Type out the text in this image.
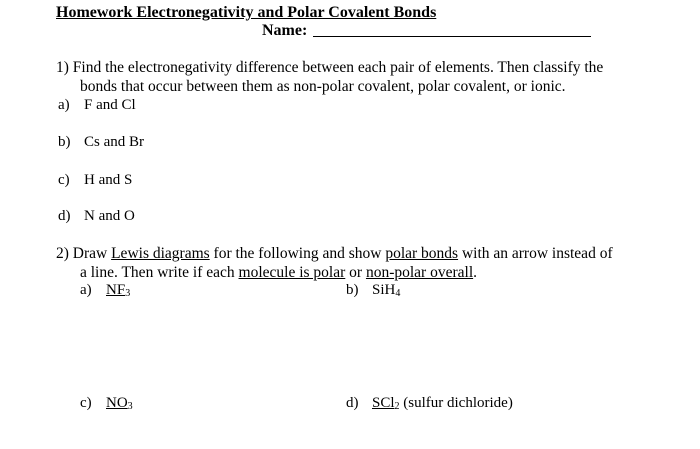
Homework Electronegativity and Polar Covalent Bonds
Name:
1) Find the electronegativity difference between each pair of elements. Then classify the
bonds that occur between them as non-polar covalent, polar covalent, or ionic.
a) F and Cl
b) Cs and Br
c) H and S
d) N and O
2) Draw Lewis diagrams for the following and show polar bonds with an arrow instead of
a line. Then write if each molecule is polar or non-polar overall.
a) $NF_3$	b) SiH$_4$
c) $NO_3$	d) SCl$_2$ (sulfur dichloride)
